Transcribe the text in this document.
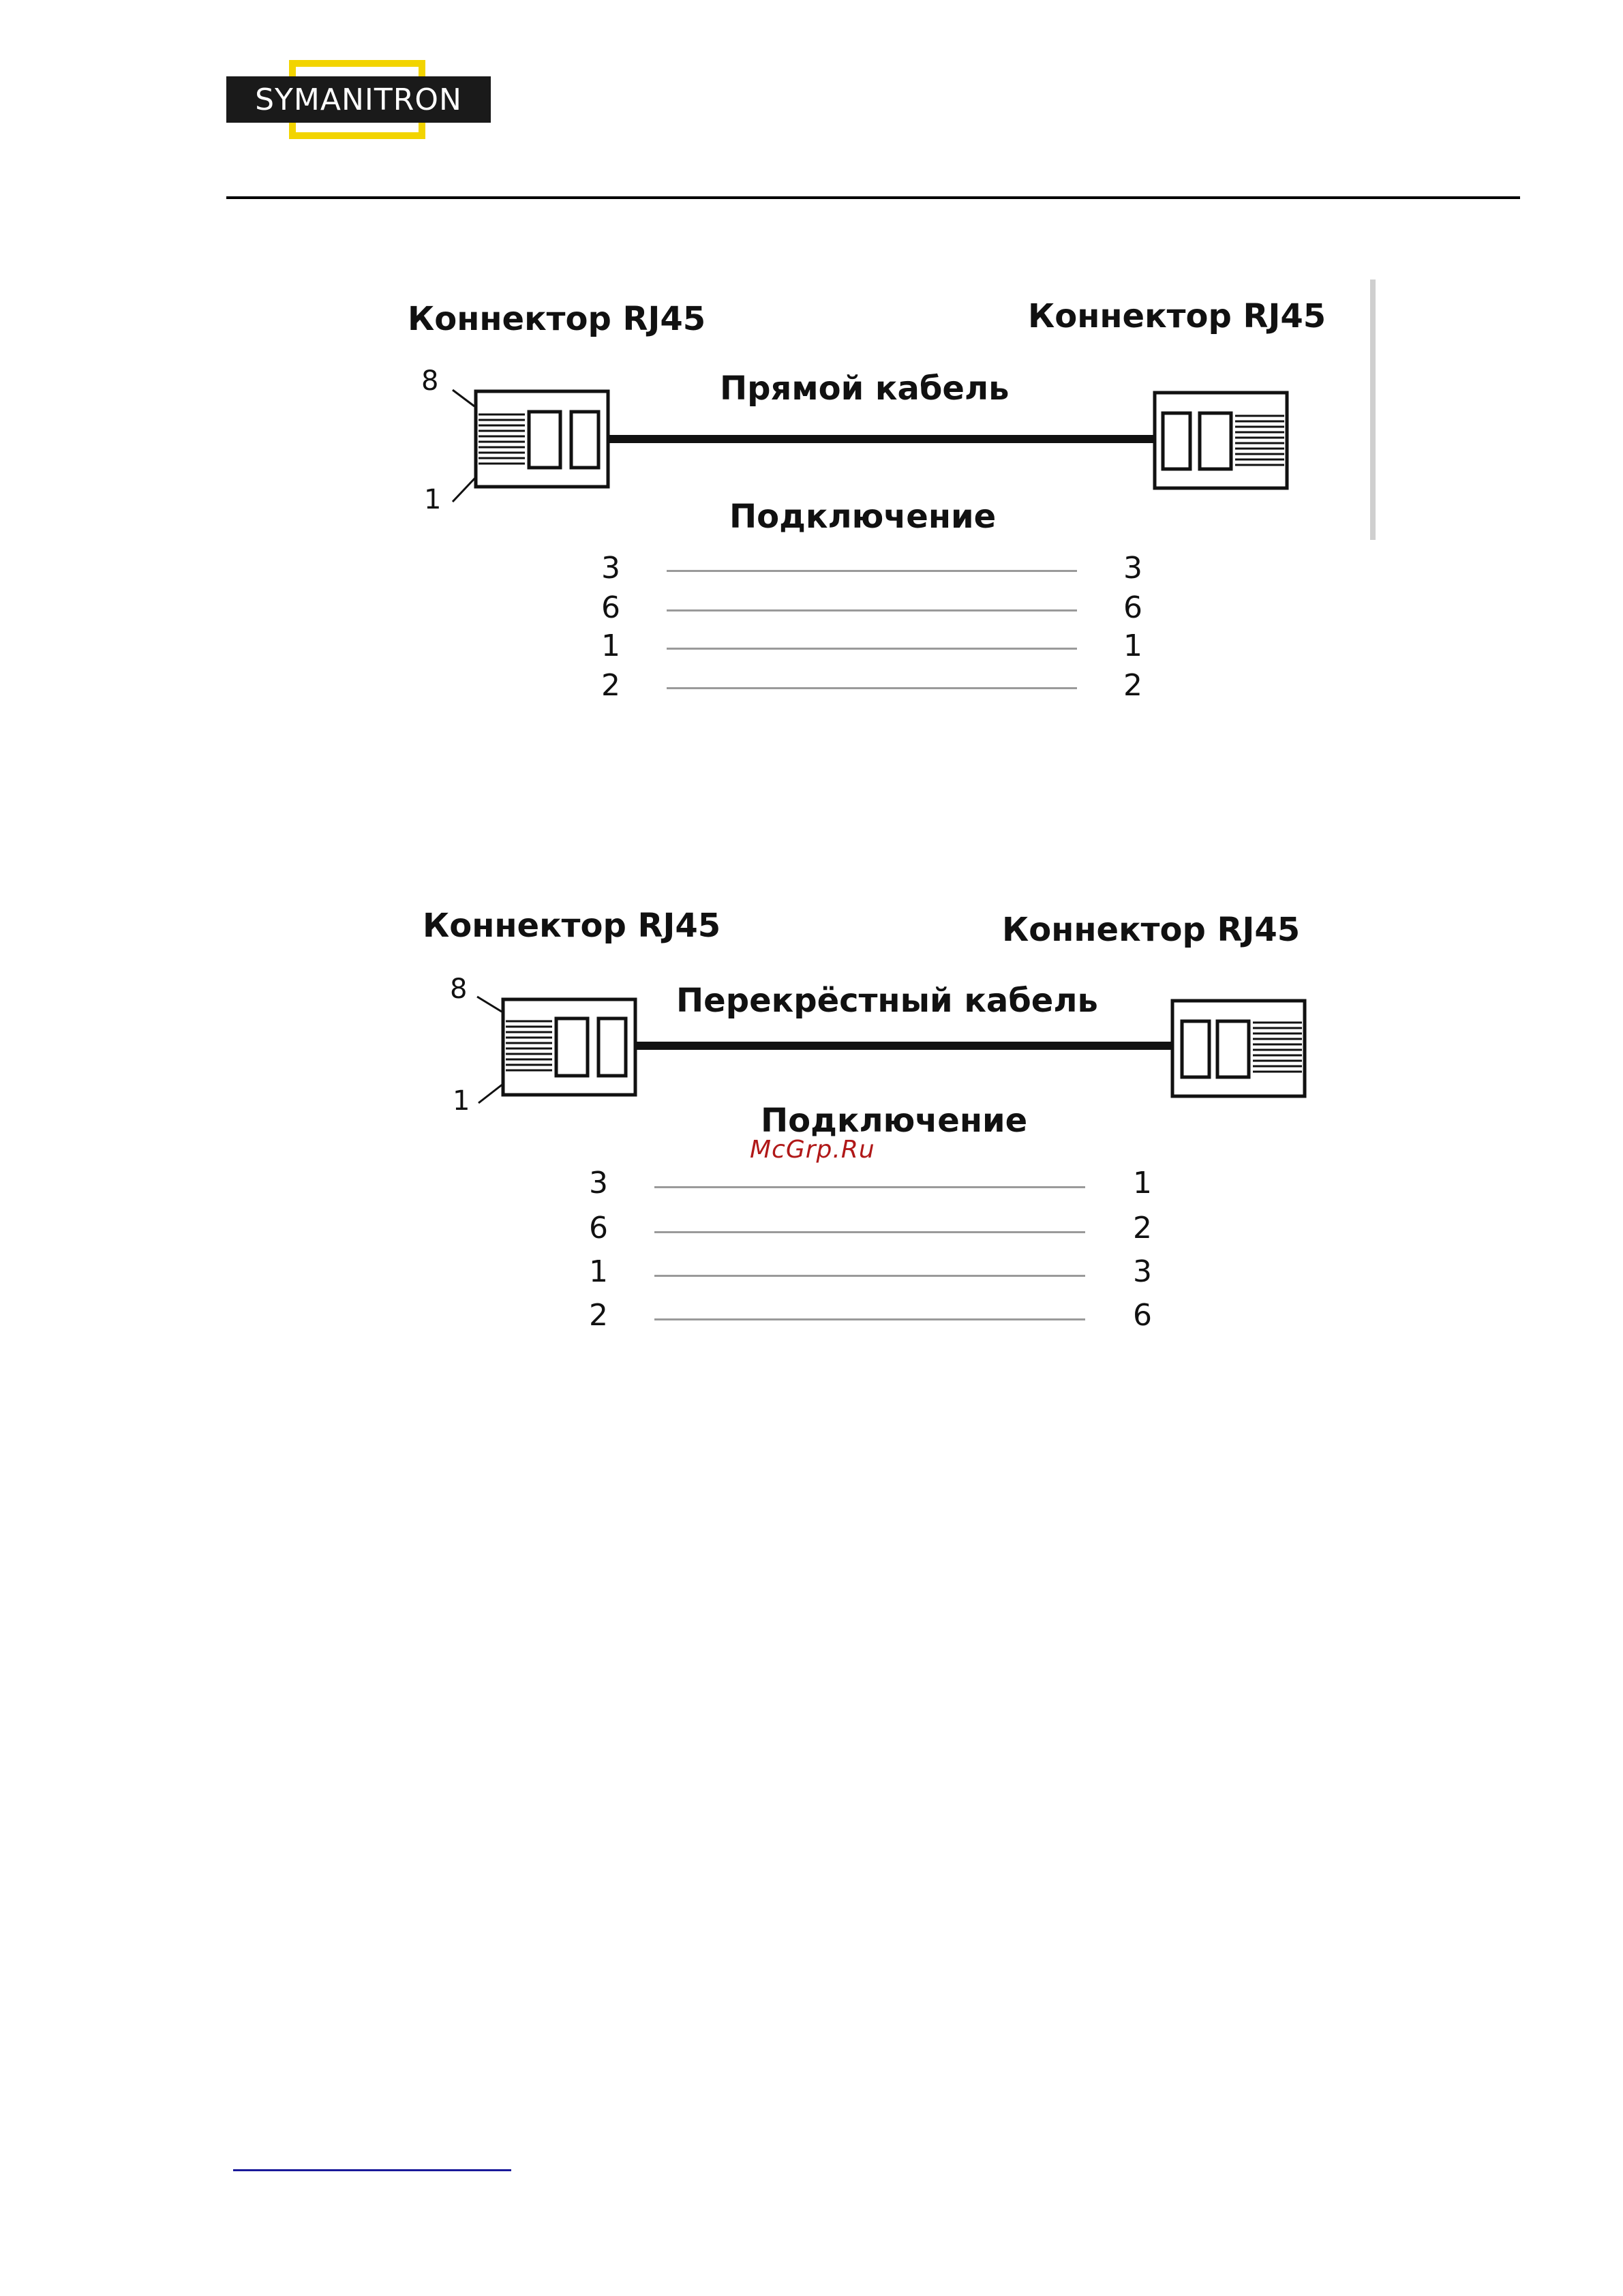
SYMANITRON
Коннектор RJ45	Коннектор RJ45
Прямой кабель
Подключение
8
1
3	3
6	6
1	1
2	2
Коннектор RJ45	Коннектор RJ45
Перекрёстный кабель
Подключение
8
1
3	1
6	2
1	3
2	6
McGrp.Ru
